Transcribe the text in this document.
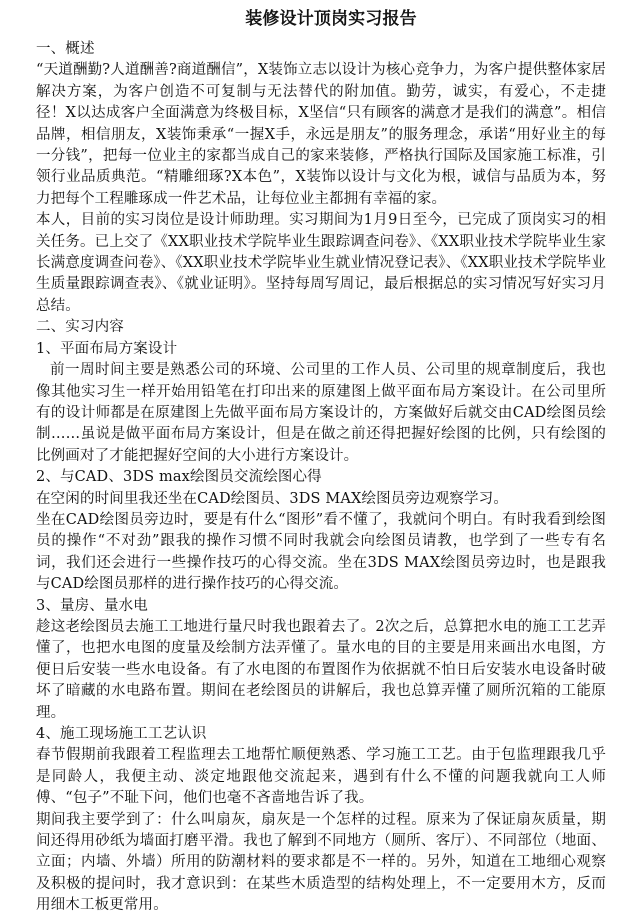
装修设计顶岗实习报告
一、概述

“天道酬勤?人道酬善?商道酬信”，X装饰立志以设计为核心竞争力，为客户提供整体家居解决方案，为客户创造不可复制与无法替代的附加值。勤劳，诚实，有爱心，不走捷径！X以达成客户全面满意为终极目标，X坚信“只有顾客的满意才是我们的满意”。相信品牌，相信朋友，X装饰秉承“一握X手，永远是朋友”的服务理念，承诺“用好业主的每一分钱”，把每一位业主的家都当成自己的家来装修，严格执行国际及国家施工标准，引领行业品质典范。“精雕细琢?X本色”，X装饰以设计与文化为根，诚信与品质为本，努力把每个工程雕琢成一件艺术品，让每位业主都拥有幸福的家。

本人，目前的实习岗位是设计师助理。实习期间为1月9日至今，已完成了顶岗实习的相关任务。已上交了《XX职业技术学院毕业生跟踪调查问卷》、《XX职业技术学院毕业生家长满意度调查问卷》、《XX职业技术学院毕业生就业情况登记表》、《XX职业技术学院毕业生质量跟踪调查表》、《就业证明》。坚持每周写周记，最后根据总的实习情况写好实习月总结。

二、实习内容
1、平面布局方案设计

前一周时间主要是熟悉公司的环境、公司里的工作人员、公司里的规章制度后，我也像其他实习生一样开始用铅笔在打印出来的原建图上做平面布局方案设计。在公司里所有的设计师都是在原建图上先做平面布局方案设计的，方案做好后就交由CAD绘图员绘制……虽说是做平面布局方案设计，但是在做之前还得把握好绘图的比例，只有绘图的比例画对了才能把握好空间的大小进行方案设计。

2、与CAD、3DS max绘图员交流绘图心得

在空闲的时间里我还坐在CAD绘图员、3DS MAX绘图员旁边观察学习。

坐在CAD绘图员旁边时，要是有什么“图形”看不懂了，我就问个明白。有时我看到绘图员的操作“不对劲”跟我的操作习惯不同时我就会向绘图员请教，也学到了一些专有名词，我们还会进行一些操作技巧的心得交流。坐在3DS MAX绘图员旁边时，也是跟我与CAD绘图员那样的进行操作技巧的心得交流。

3、量房、量水电

趁这老绘图员去施工工地进行量尺时我也跟着去了。2次之后，总算把水电的施工工艺弄懂了，也把水电图的度量及绘制方法弄懂了。量水电的目的主要是用来画出水电图，方便日后安装一些水电设备。有了水电图的布置图作为依据就不怕日后安装水电设备时破坏了暗藏的水电路布置。期间在老绘图员的讲解后，我也总算弄懂了厕所沉箱的工能原理。

4、施工现场施工工艺认识

春节假期前我跟着工程监理去工地帮忙顺便熟悉、学习施工工艺。由于包监理跟我几乎是同龄人，我便主动、淡定地跟他交流起来，遇到有什么不懂的问题我就向工人师傅、“包子”不耻下问，他们也毫不吝啬地告诉了我。

期间我主要学到了：什么叫扇灰，扇灰是一个怎样的过程。原来为了保证扇灰质量，期间还得用砂纸为墙面打磨平滑。我也了解到不同地方（厕所、客厅）、不同部位（地面、立面；内墙、外墙）所用的防潮材料的要求都是不一样的。另外，知道在工地细心观察及积极的提问时，我才意识到：在某些木质造型的结构处理上，不一定要用木方，反而用细木工板更常用。
